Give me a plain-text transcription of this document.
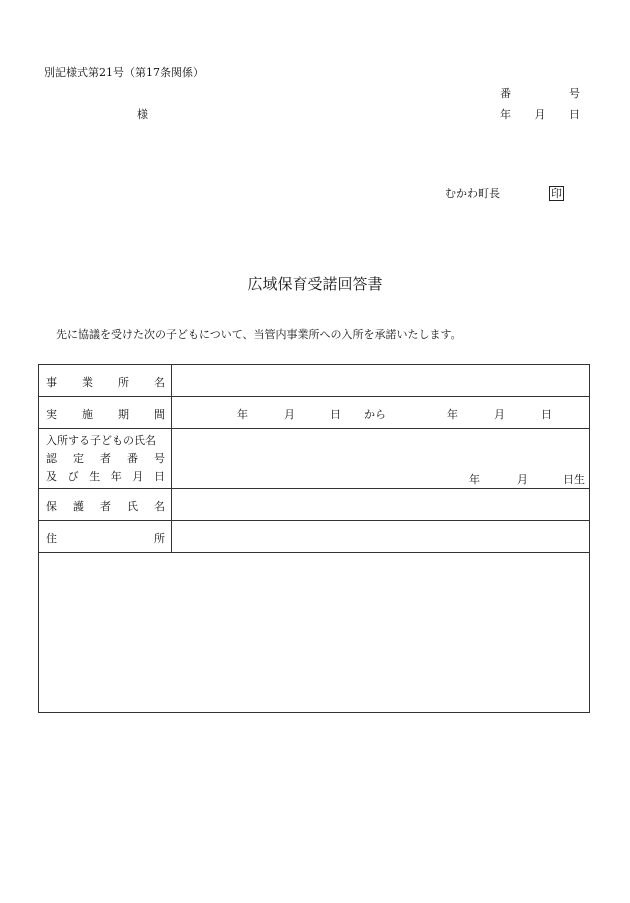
別記様式第21号（第17条関係）
番	号
様	年 月 日
むかわ町長	印
広域保育受諾回答書
先に協議を受けた次の子どもについて、当管内事業所への入所を承諾いたします。
事 業 所 名
実 施 期 間	年	月	日 から	年	月	日
入所する子どもの氏名
認 定 者 番 号
及 び 生 年 月 日	年	月	日生
保 護 者 氏 名
住	所
